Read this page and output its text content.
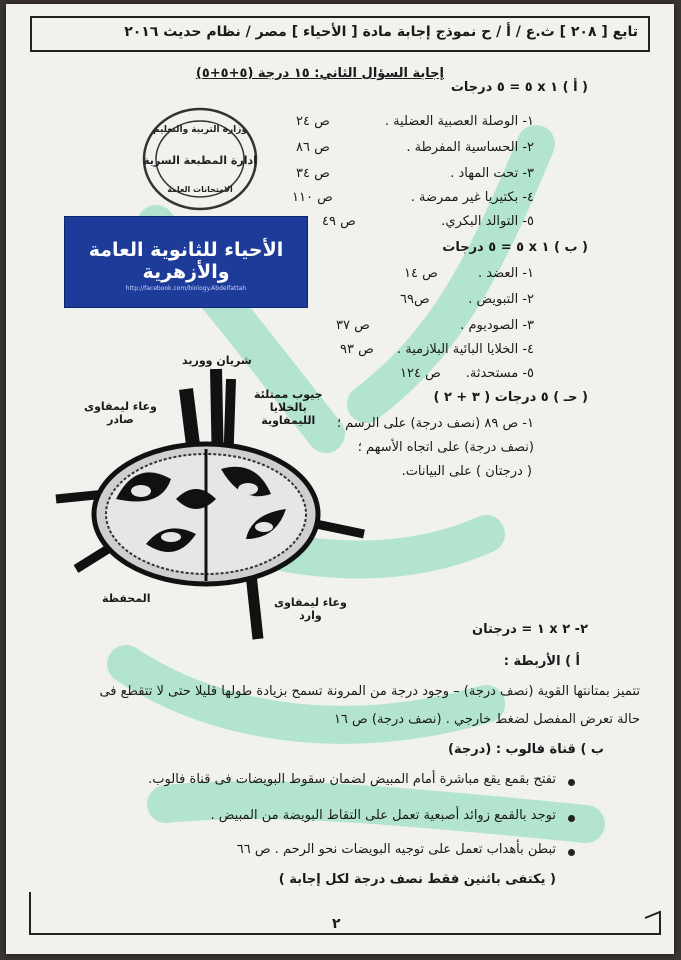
تابع [ ٢٠٨ ] ث.ع / أ / ح نموذج إجابة مادة [ الأحياء ] مصر / نظام حديث ٢٠١٦
إجابة السؤال الثاني: ١٥ درجة (٥+٥+٥)
وزارة التربية والتعليم
إدارة المطبعة السرية
الامتحانات العامة
الأحياء للثانوية العامة والأزهرية
http://facebook.com/biology.Abdelfattah
( أ ) ١ x ٥ = ٥ درجات
١- الوصلة العصبية العضلية .
ص ٢٤
٢- الحساسية المفرطة .
ص ٨٦
٣- تحت المهاد .
ص ٣٤
٤- بكتيريا غير ممرضة .
ص ١١٠
٥- التوالد البكري.
ص ٤٩
( ب ) ١ x ٥ = ٥ درجات
١- العضد .
ص ١٤
٢- التبويض .
ص٦٩
٣- الصوديوم .
ص ٣٧
٤- الخلايا البائية البلازمية .
ص ٩٣
٥- مستحدثة.
ص ١٢٤
( حـ ) ٥ درجات ( ٣ + ٢ )
١- ص ٨٩ (نصف درجة) على الرسم ؛
(نصف درجة) على اتجاه الأسهم ؛
( درجتان ) على البيانات.
شريان ووريد
وعاء ليمفاوى
صادر
جيوب ممتلئة
بالخلايا
الليمفاوية
المحفظة	وعاء ليمفاوى
وارد
٢- ٢ x ١ = درجتان
أ ) الأربطة :
تتميز بمتانتها القوية (نصف درجة) – وجود درجة من المرونة تسمح بزيادة طولها قليلا حتى لا تتقطع فى
حالة تعرض المفصل لضغط خارجي . (نصف درجة) ص ١٦
ب ) قناة فالوب : (درجة)
تفتح بقمع يقع مباشرة أمام المبيض لضمان سقوط البويضات فى قناة فالوب.
توجد بالقمع زوائد أصبعية تعمل على التقاط البويضة من المبيض .
تبطن بأهداب تعمل على توجيه البويضات نحو الرحم . ص ٦٦
( يكتفى باثنين فقط نصف درجة لكل إجابة )
٢
